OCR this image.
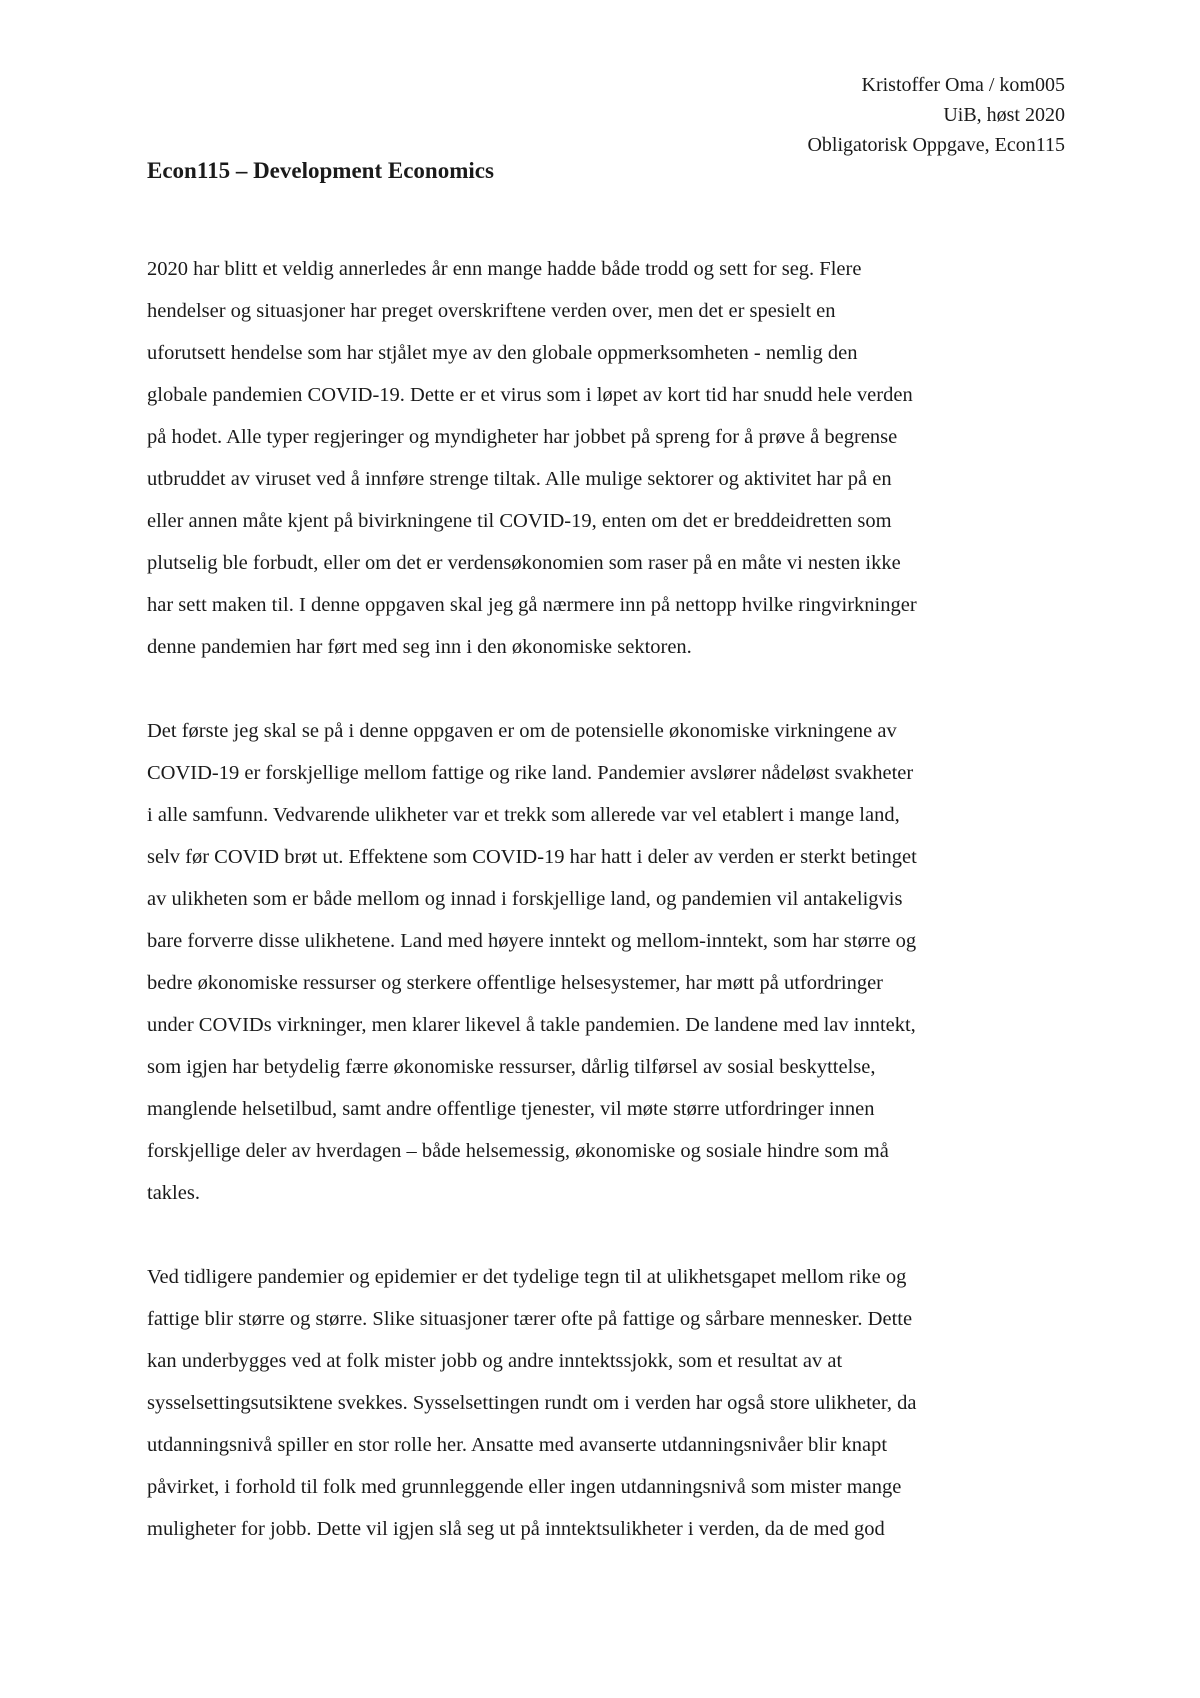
Kristoffer Oma / kom005
UiB, høst 2020
Obligatorisk Oppgave, Econ115
Econ115 – Development Economics
2020 har blitt et veldig annerledes år enn mange hadde både trodd og sett for seg. Flere
hendelser og situasjoner har preget overskriftene verden over, men det er spesielt en
uforutsett hendelse som har stjålet mye av den globale oppmerksomheten - nemlig den
globale pandemien COVID-19. Dette er et virus som i løpet av kort tid har snudd hele verden
på hodet. Alle typer regjeringer og myndigheter har jobbet på spreng for å prøve å begrense
utbruddet av viruset ved å innføre strenge tiltak. Alle mulige sektorer og aktivitet har på en
eller annen måte kjent på bivirkningene til COVID-19, enten om det er breddeidretten som
plutselig ble forbudt, eller om det er verdensøkonomien som raser på en måte vi nesten ikke
har sett maken til. I denne oppgaven skal jeg gå nærmere inn på nettopp hvilke ringvirkninger
denne pandemien har ført med seg inn i den økonomiske sektoren.
Det første jeg skal se på i denne oppgaven er om de potensielle økonomiske virkningene av
COVID-19 er forskjellige mellom fattige og rike land. Pandemier avslører nådeløst svakheter
i alle samfunn. Vedvarende ulikheter var et trekk som allerede var vel etablert i mange land,
selv før COVID brøt ut. Effektene som COVID-19 har hatt i deler av verden er sterkt betinget
av ulikheten som er både mellom og innad i forskjellige land, og pandemien vil antakeligvis
bare forverre disse ulikhetene. Land med høyere inntekt og mellom-inntekt, som har større og
bedre økonomiske ressurser og sterkere offentlige helsesystemer, har møtt på utfordringer
under COVIDs virkninger, men klarer likevel å takle pandemien. De landene med lav inntekt,
som igjen har betydelig færre økonomiske ressurser, dårlig tilførsel av sosial beskyttelse,
manglende helsetilbud, samt andre offentlige tjenester, vil møte større utfordringer innen
forskjellige deler av hverdagen – både helsemessig, økonomiske og sosiale hindre som må
takles.
Ved tidligere pandemier og epidemier er det tydelige tegn til at ulikhetsgapet mellom rike og
fattige blir større og større. Slike situasjoner tærer ofte på fattige og sårbare mennesker. Dette
kan underbygges ved at folk mister jobb og andre inntektssjokk, som et resultat av at
sysselsettingsutsiktene svekkes. Sysselsettingen rundt om i verden har også store ulikheter, da
utdanningsnivå spiller en stor rolle her. Ansatte med avanserte utdanningsnivåer blir knapt
påvirket, i forhold til folk med grunnleggende eller ingen utdanningsnivå som mister mange
muligheter for jobb. Dette vil igjen slå seg ut på inntektsulikheter i verden, da de med god
